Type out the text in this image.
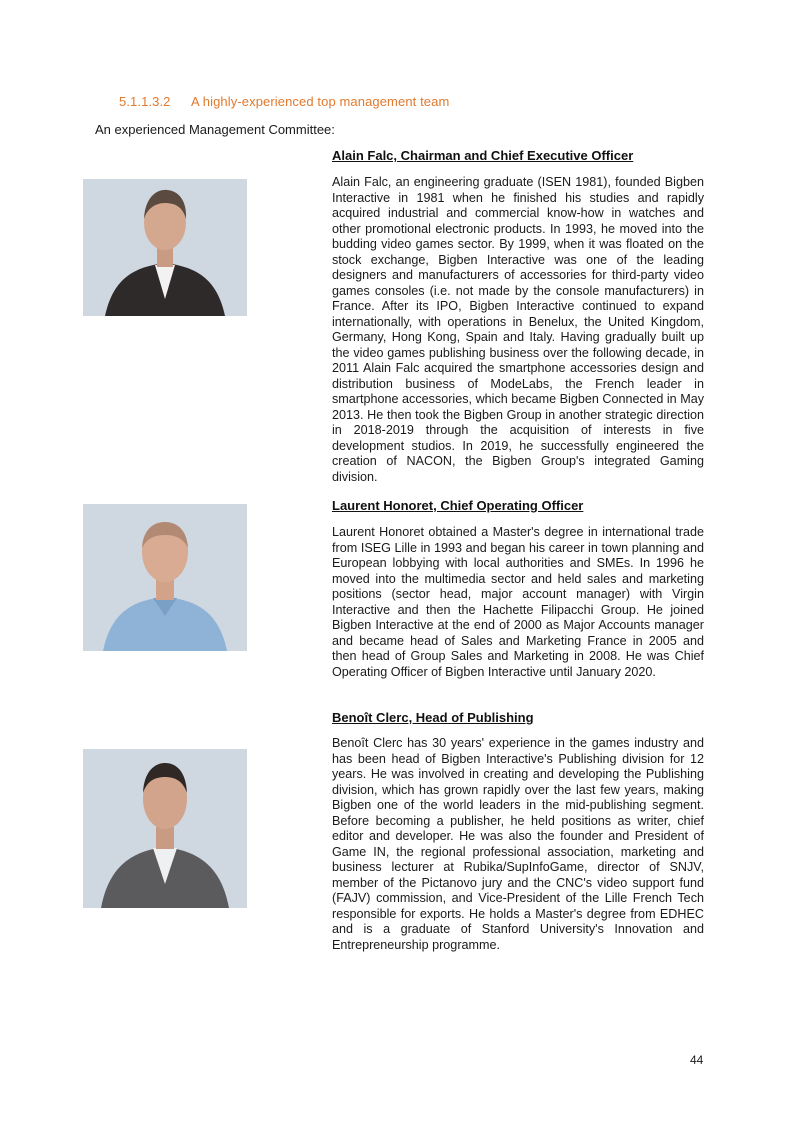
5.1.1.3.2 A highly-experienced top management team
An experienced Management Committee:
Alain Falc, Chairman and Chief Executive Officer

Alain Falc, an engineering graduate (ISEN 1981), founded Bigben Interactive in 1981 when he finished his studies and rapidly acquired industrial and commercial know-how in watches and other promotional electronic products. In 1993, he moved into the budding video games sector. By 1999, when it was floated on the stock exchange, Bigben Interactive was one of the leading designers and manufacturers of accessories for third-party video games consoles (i.e. not made by the console manufacturers) in France. After its IPO, Bigben Interactive continued to expand internationally, with operations in Benelux, the United Kingdom, Germany, Hong Kong, Spain and Italy. Having gradually built up the video games publishing business over the following decade, in 2011 Alain Falc acquired the smartphone accessories design and distribution business of ModeLabs, the French leader in smartphone accessories, which became Bigben Connected in May 2013. He then took the Bigben Group in another strategic direction in 2018-2019 through the acquisition of interests in five development studios. In 2019, he successfully engineered the creation of NACON, the Bigben Group's integrated Gaming division.

Laurent Honoret, Chief Operating Officer

Laurent Honoret obtained a Master's degree in international trade from ISEG Lille in 1993 and began his career in town planning and European lobbying with local authorities and SMEs. In 1996 he moved into the multimedia sector and held sales and marketing positions (sector head, major account manager) with Virgin Interactive and then the Hachette Filipacchi Group. He joined Bigben Interactive at the end of 2000 as Major Accounts manager and became head of Sales and Marketing France in 2005 and then head of Group Sales and Marketing in 2008. He was Chief Operating Officer of Bigben Interactive until January 2020.

Benoît Clerc, Head of Publishing

Benoît Clerc has 30 years' experience in the games industry and has been head of Bigben Interactive's Publishing division for 12 years. He was involved in creating and developing the Publishing division, which has grown rapidly over the last few years, making Bigben one of the world leaders in the mid-publishing segment. Before becoming a publisher, he held positions as writer, chief editor and developer. He was also the founder and President of Game IN, the regional professional association, marketing and business lecturer at Rubika/SupInfoGame, director of SNJV, member of the Pictanovo jury and the CNC's video support fund (FAJV) commission, and Vice-President of the Lille French Tech responsible for exports. He holds a Master's degree from EDHEC and is a graduate of Stanford University's Innovation and Entrepreneurship programme.

44
